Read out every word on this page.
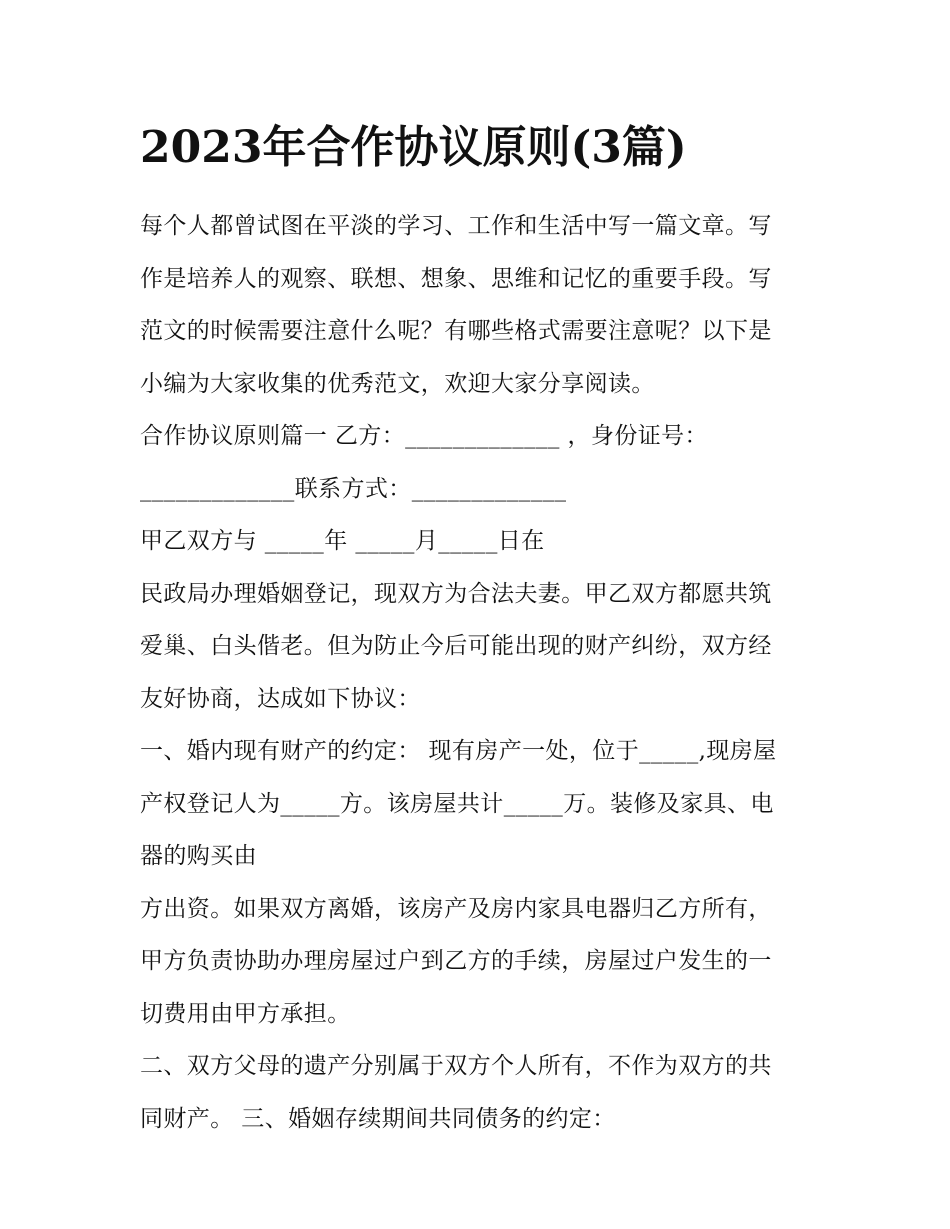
2023年合作协议原则(3篇)
每个人都曾试图在平淡的学习、工作和生活中写一篇文章。写
作是培养人的观察、联想、想象、思维和记忆的重要手段。写
范文的时候需要注意什么呢？有哪些格式需要注意呢？以下是
小编为大家收集的优秀范文，欢迎大家分享阅读。
合作协议原则篇一 乙方：_____________ ，身份证号：
_____________联系方式：_____________
甲乙双方与 _____年 _____月_____日在
民政局办理婚姻登记，现双方为合法夫妻。甲乙双方都愿共筑
爱巢、白头偕老。但为防止今后可能出现的财产纠纷，双方经
友好协商，达成如下协议：
一、婚内现有财产的约定： 现有房产一处，位于_____,现房屋
产权登记人为_____方。该房屋共计_____万。装修及家具、电
器的购买由
方出资。如果双方离婚，该房产及房内家具电器归乙方所有，
甲方负责协助办理房屋过户到乙方的手续，房屋过户发生的一
切费用由甲方承担。
二、双方父母的遗产分别属于双方个人所有，不作为双方的共
同财产。 三、婚姻存续期间共同债务的约定：
